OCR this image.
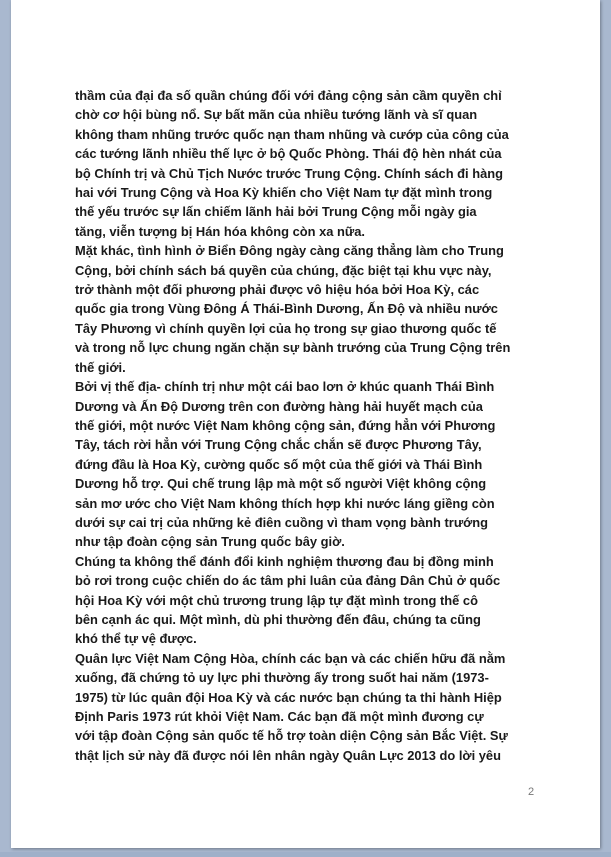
thầm của đại đa số quần chúng đối với đảng cộng sản cầm quyền chỉ
chờ cơ hội bùng nổ. Sự bất mãn của nhiều tướng lãnh và sĩ quan
không tham nhũng trước quốc nạn tham nhũng và cướp của công của
các tướng lãnh nhiều thế lực ở bộ Quốc Phòng. Thái độ hèn nhát của
bộ Chính trị và Chủ Tịch Nước trước Trung Cộng. Chính sách đi hàng
hai với Trung Cộng và Hoa Kỳ khiến cho Việt Nam tự đặt mình trong
thế yếu trước sự lấn chiếm lãnh hải bởi Trung Cộng mỗi ngày gia
tăng, viễn tượng bị Hán hóa không còn xa nữa.

Mặt khác, tình hình ở Biển Đông ngày càng căng thẳng làm cho Trung
Cộng, bởi chính sách bá quyền của chúng, đặc biệt tại khu vực này,
trở thành một đối phương phải được vô hiệu hóa bởi Hoa Kỳ, các
quốc gia trong Vùng Đông Á Thái-Bình Dương, Ấn Độ và nhiều nước
Tây Phương vì chính quyền lợi của họ trong sự giao thương quốc tế
và trong nỗ lực chung ngăn chặn sự bành trướng của Trung Cộng trên
thế giới.

Bởi vị thế địa- chính trị như một cái bao lơn ở khúc quanh Thái Bình
Dương và Ấn Độ Dương trên con đường hàng hải huyết mạch của
thế giới, một nước Việt Nam không cộng sản, đứng hẳn với Phương
Tây, tách rời hẳn với Trung Cộng chắc chắn sẽ được Phương Tây,
đứng đầu là Hoa Kỳ, cường quốc số một của thế giới và Thái Bình
Dương hỗ trợ. Qui chế trung lập mà một số người Việt không cộng
sản mơ ước cho Việt Nam không thích hợp khi nước láng giềng còn
dưới sự cai trị của những kẻ điên cuồng vì tham vọng bành trướng
như tập đoàn cộng sản Trung quốc bây giờ.

Chúng ta không thể đánh đổi kinh nghiệm thương đau bị đồng minh
bỏ rơi trong cuộc chiến do ác tâm phi luân của đảng Dân Chủ ở quốc
hội Hoa Kỳ với một chủ trương trung lập tự đặt mình trong thế cô
bên cạnh ác qui. Một mình, dù phi thường đến đâu, chúng ta cũng
khó thể tự vệ được.

Quân lực Việt Nam Cộng Hòa, chính các bạn và các chiến hữu đã nằm
xuống, đã chứng tỏ uy lực phi thường ấy trong suốt hai năm (1973-
1975) từ lúc quân đội Hoa Kỳ và các nước bạn chúng ta thi hành Hiệp
Định Paris 1973 rút khỏi Việt Nam. Các bạn đã một mình đương cự
với tập đoàn Cộng sản quốc tế hỗ trợ toàn diện Cộng sản Bắc Việt. Sự
thật lịch sử này đã được nói lên nhân ngày Quân Lực 2013 do lời yêu

2
